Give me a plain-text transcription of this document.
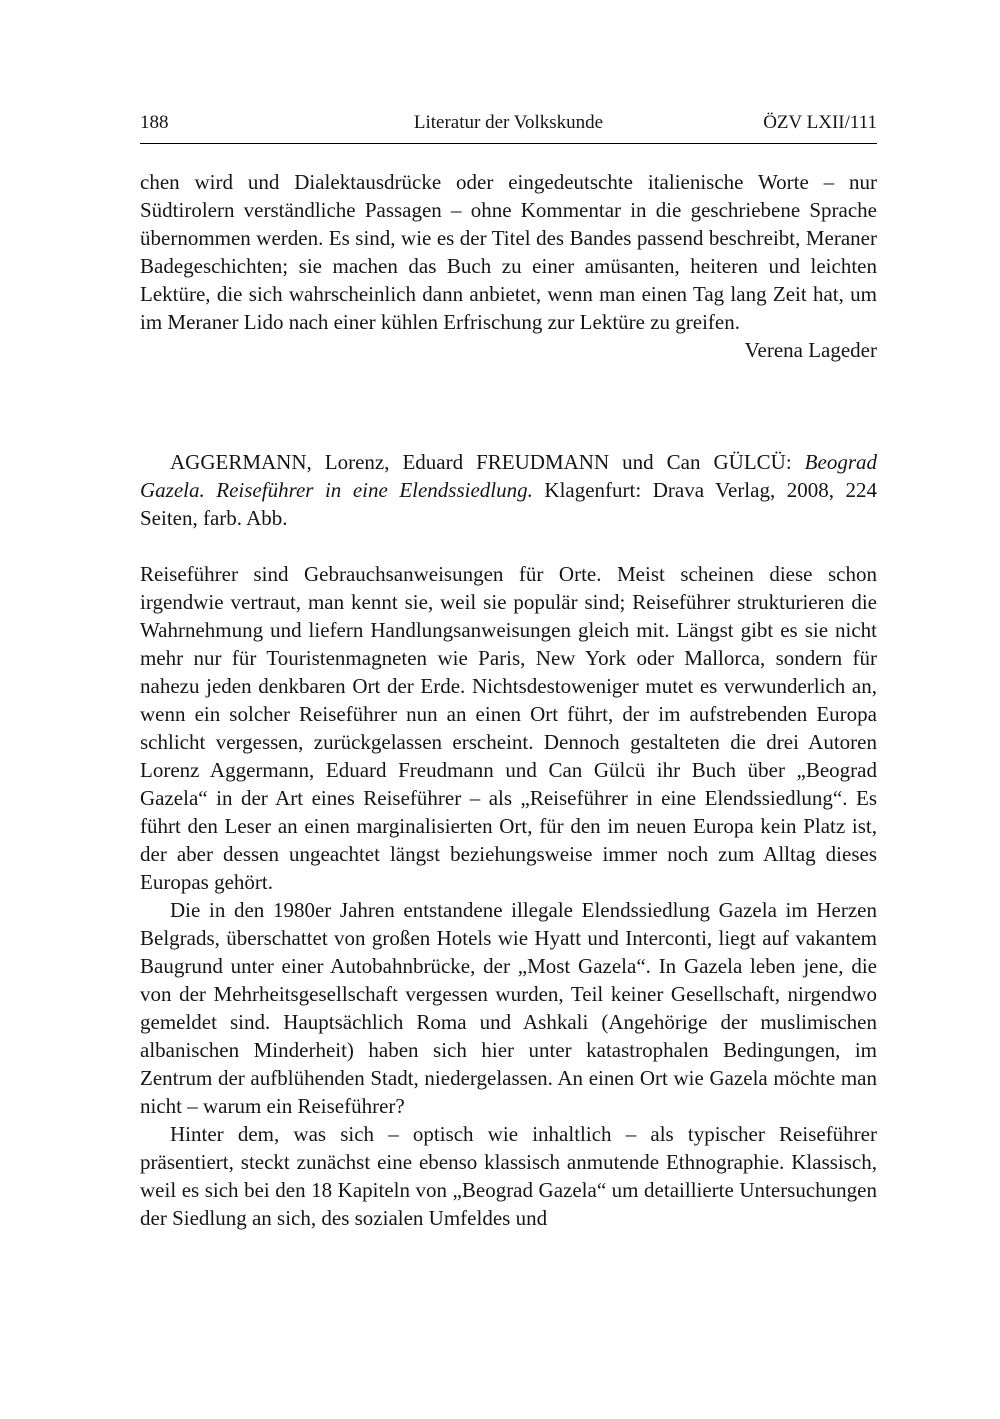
188	Literatur der Volkskunde	ÖZV LXII/111

chen wird und Dialektausdrücke oder eingedeutschte italienische Worte – nur Südtirolern verständliche Passagen – ohne Kommentar in die geschriebene Sprache übernommen werden. Es sind, wie es der Titel des Bandes passend beschreibt, Meraner Badegeschichten; sie machen das Buch zu einer amüsanten, heiteren und leichten Lektüre, die sich wahrscheinlich dann anbietet, wenn man einen Tag lang Zeit hat, um im Meraner Lido nach einer kühlen Erfrischung zur Lektüre zu greifen.

Verena Lageder

AGGERMANN, Lorenz, Eduard FREUDMANN und Can GÜLCÜ: Beograd Gazela. Reiseführer in eine Elendssiedlung. Klagenfurt: Drava Verlag, 2008, 224 Seiten, farb. Abb.

Reiseführer sind Gebrauchsanweisungen für Orte. Meist scheinen diese schon irgendwie vertraut, man kennt sie, weil sie populär sind; Reiseführer strukturieren die Wahrnehmung und liefern Handlungsanweisungen gleich mit. Längst gibt es sie nicht mehr nur für Touristenmagneten wie Paris, New York oder Mallorca, sondern für nahezu jeden denkbaren Ort der Erde. Nichtsdestoweniger mutet es verwunderlich an, wenn ein solcher Reiseführer nun an einen Ort führt, der im aufstrebenden Europa schlicht vergessen, zurückgelassen erscheint. Dennoch gestalteten die drei Autoren Lorenz Aggermann, Eduard Freudmann und Can Gülcü ihr Buch über „Beograd Gazela“ in der Art eines Reiseführer – als „Reiseführer in eine Elendssiedlung“. Es führt den Leser an einen marginalisierten Ort, für den im neuen Europa kein Platz ist, der aber dessen ungeachtet längst beziehungsweise immer noch zum Alltag dieses Europas gehört.

Die in den 1980er Jahren entstandene illegale Elendssiedlung Gazela im Herzen Belgrads, überschattet von großen Hotels wie Hyatt und Interconti, liegt auf vakantem Baugrund unter einer Autobahnbrücke, der „Most Gazela“. In Gazela leben jene, die von der Mehrheitsgesellschaft vergessen wurden, Teil keiner Gesellschaft, nirgendwo gemeldet sind. Hauptsächlich Roma und Ashkali (Angehörige der muslimischen albanischen Minderheit) haben sich hier unter katastrophalen Bedingungen, im Zentrum der aufblühenden Stadt, niedergelassen. An einen Ort wie Gazela möchte man nicht – warum ein Reiseführer?

Hinter dem, was sich – optisch wie inhaltlich – als typischer Reiseführer präsentiert, steckt zunächst eine ebenso klassisch anmutende Ethnographie. Klassisch, weil es sich bei den 18 Kapiteln von „Beograd Gazela“ um detaillierte Untersuchungen der Siedlung an sich, des sozialen Umfeldes und
